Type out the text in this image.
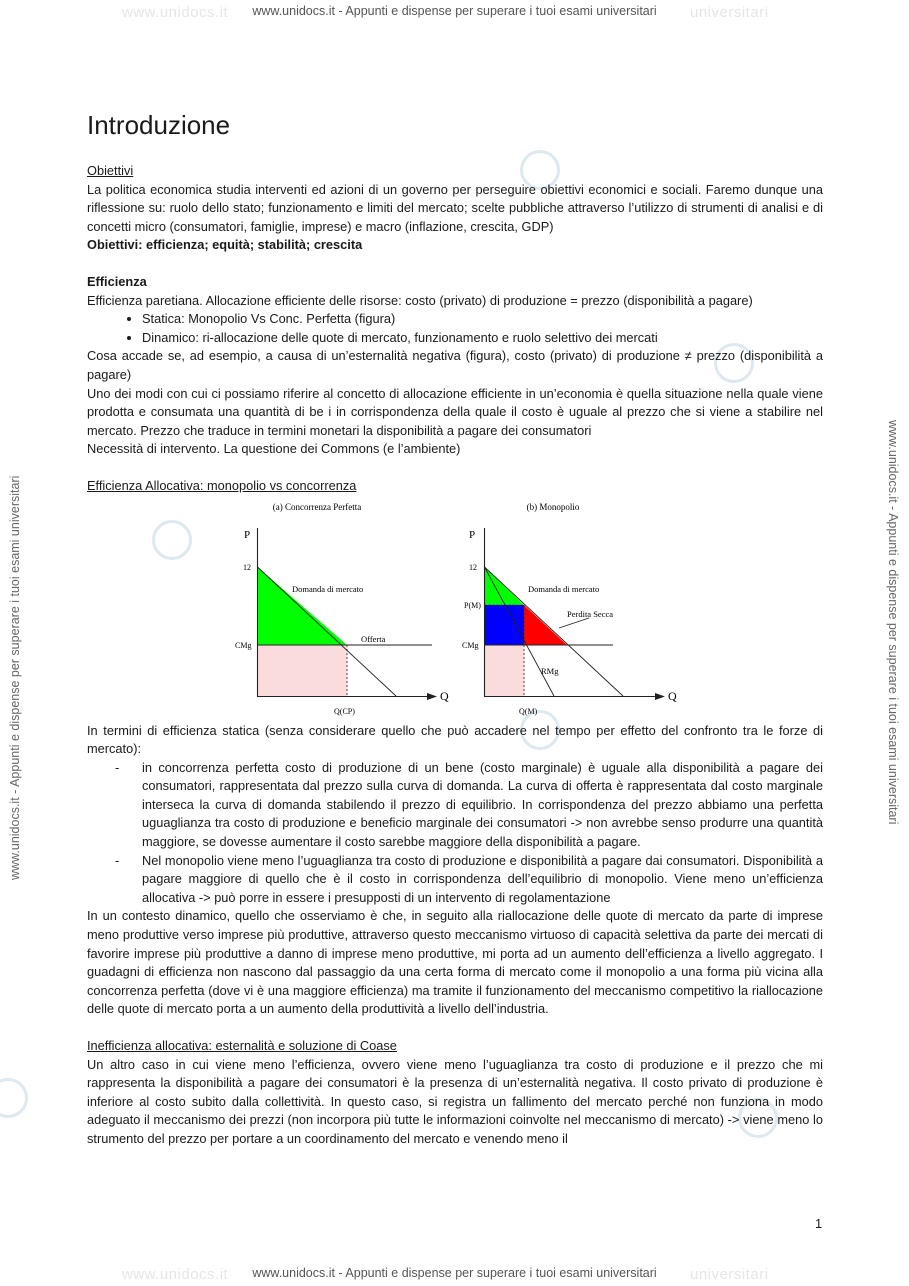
www.unidocs.it - Appunti e dispense per superare i tuoi esami universitari
www.unidocs.it - Appunti e dispense per superare i tuoi esami universitari
www.unidocs.it	universitari
www.unidocs.it	universitari
www.unidocs.it - Appunti e dispense per superare i tuoi esami universitari	www.unidocs.it - Appunti e dispense per superare i tuoi esami universitari
Introduzione
Obiettivi

La politica economica studia interventi ed azioni di un governo per perseguire obiettivi economici e sociali. Faremo dunque una riflessione su: ruolo dello stato; funzionamento e limiti del mercato; scelte pubbliche attraverso l’utilizzo di strumenti di analisi e di concetti micro (consumatori, famiglie, imprese) e macro (inflazione, crescita, GDP)

Obiettivi: efficienza; equità; stabilità; crescita
Efficienza

Efficienza paretiana. Allocazione efficiente delle risorse: costo (privato) di produzione = prezzo (disponibilità a pagare)

• Statica: Monopolio Vs Conc. Perfetta (figura)
• Dinamico: ri-allocazione delle quote di mercato, funzionamento e ruolo selettivo dei mercati

Cosa accade se, ad esempio, a causa di un’esternalità negativa (figura), costo (privato) di produzione ≠ prezzo (disponibilità a pagare)

Uno dei modi con cui ci possiamo riferire al concetto di allocazione efficiente in un’economia è quella situazione nella quale viene prodotta e consumata una quantità di be i in corrispondenza della quale il costo è uguale al prezzo che si viene a stabilire nel mercato. Prezzo che traduce in termini monetari la disponibilità a pagare dei consumatori

Necessità di intervento. La questione dei Commons (e l’ambiente)

Efficienza Allocativa: monopolio vs concorrenza
(a) Concorrenza Perfetta
P
Q
12
CMg
Domanda di mercato
Offerta
Q(CP)
(b) Monopolio
P
Q
12
P(M)
CMg
Domanda di mercato
Perdita Secca
RMg
Q(M)

In termini di efficienza statica (senza considerare quello che può accadere nel tempo per effetto del confronto tra le forze di mercato):

- in concorrenza perfetta costo di produzione di un bene (costo marginale) è uguale alla disponibilità a pagare dei consumatori, rappresentata dal prezzo sulla curva di domanda. La curva di offerta è rappresentata dal costo marginale interseca la curva di domanda stabilendo il prezzo di equilibrio. In corrispondenza del prezzo abbiamo una perfetta uguaglianza tra costo di produzione e beneficio marginale dei consumatori -> non avrebbe senso produrre una quantità maggiore, se dovesse aumentare il costo sarebbe maggiore della disponibilità a pagare.
- Nel monopolio viene meno l’uguaglianza tra costo di produzione e disponibilità a pagare dai consumatori. Disponibilità a pagare maggiore di quello che è il costo in corrispondenza dell’equilibrio di monopolio. Viene meno un’efficienza allocativa -> può porre in essere i presupposti di un intervento di regolamentazione

In un contesto dinamico, quello che osserviamo è che, in seguito alla riallocazione delle quote di mercato da parte di imprese meno produttive verso imprese più produttive, attraverso questo meccanismo virtuoso di capacità selettiva da parte dei mercati di favorire imprese più produttive a danno di imprese meno produttive, mi porta ad un aumento dell’efficienza a livello aggregato. I guadagni di efficienza non nascono dal passaggio da una certa forma di mercato come il monopolio a una forma più vicina alla concorrenza perfetta (dove vi è una maggiore efficienza) ma tramite il funzionamento del meccanismo competitivo la riallocazione delle quote di mercato porta a un aumento della produttività a livello dell’industria.

Inefficienza allocativa: esternalità e soluzione di Coase

Un altro caso in cui viene meno l’efficienza, ovvero viene meno l’uguaglianza tra costo di produzione e il prezzo che mi rappresenta la disponibilità a pagare dei consumatori è la presenza di un’esternalità negativa. Il costo privato di produzione è inferiore al costo subito dalla collettività. In questo caso, si registra un fallimento del mercato perché non funziona in modo adeguato il meccanismo dei prezzi (non incorpora più tutte le informazioni coinvolte nel meccanismo di mercato) -> viene meno lo strumento del prezzo per portare a un coordinamento del mercato e venendo meno il

1
